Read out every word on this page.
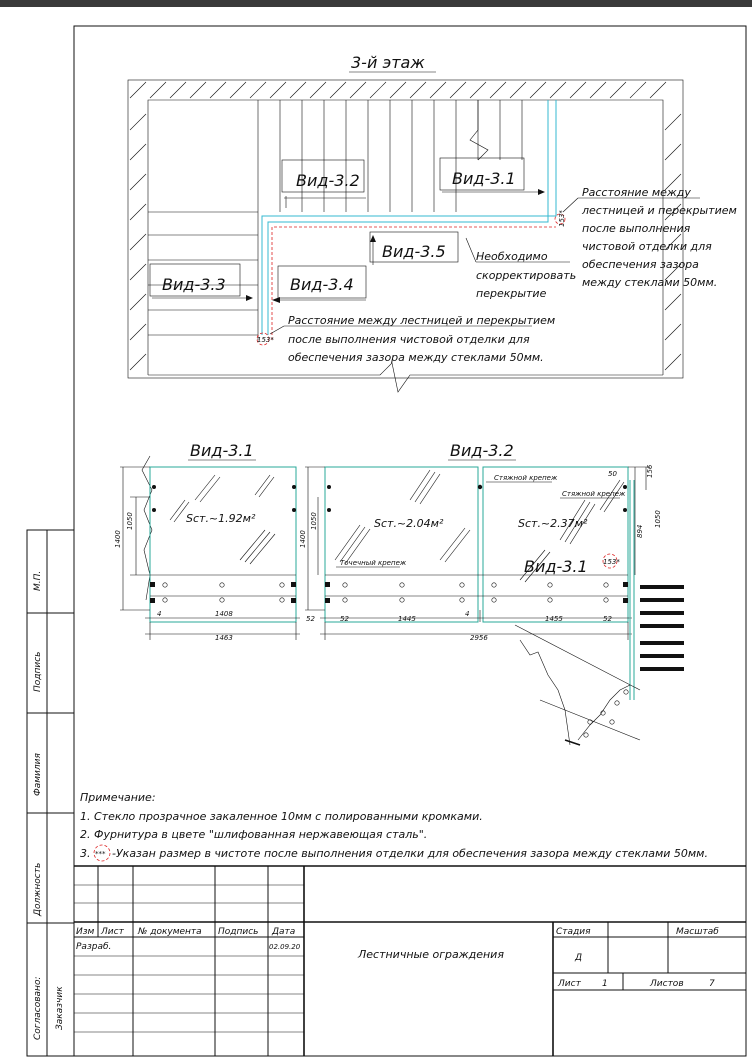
3-й этаж
153*
153*
Вид-3.2	Вид-3.1
Вид-3.5
Вид-3.3	Вид-3.4
Расстояние между
лестницей и перекрытием
после выполнения
чистовой отделки для
обеспечения зазора
между стеклами 50мм.
Необходимо
скорректировать
перекрытие
Расстояние между лестницей и перекрытием
после выполнения чистовой отделки для
обеспечения зазора между стеклами 50мм.
Вид-3.1	Вид-3.2
Sст.~1.92м²
1400
1050
4	1408
52
1463
Sст.~2.04м²	Sст.~2.37м²
Стяжной крепеж
Стяжной крепеж
Точечный крепеж	Вид-3.1 153*
1400
1050
52	1445
4
1455	52
2956
50	156
894
1050
Примечание:
1. Стекло прозрачное закаленное 10мм с полированными кромками.
2. Фурнитура в цвете "шлифованная нержавеющая сталь".
3. *** -Указан размер в чистоте после выполнения отделки для обеспечения зазора между стеклами 50мм.
М.П.
Подпись
Фамилия
Должность
Согласовано: Заказчик
Изм Лист № документа Подпись Дата
Разраб.	02.09.20
Лестничные ограждения
Стадия	Масштаб
Д
Лист 1	Листов	7
